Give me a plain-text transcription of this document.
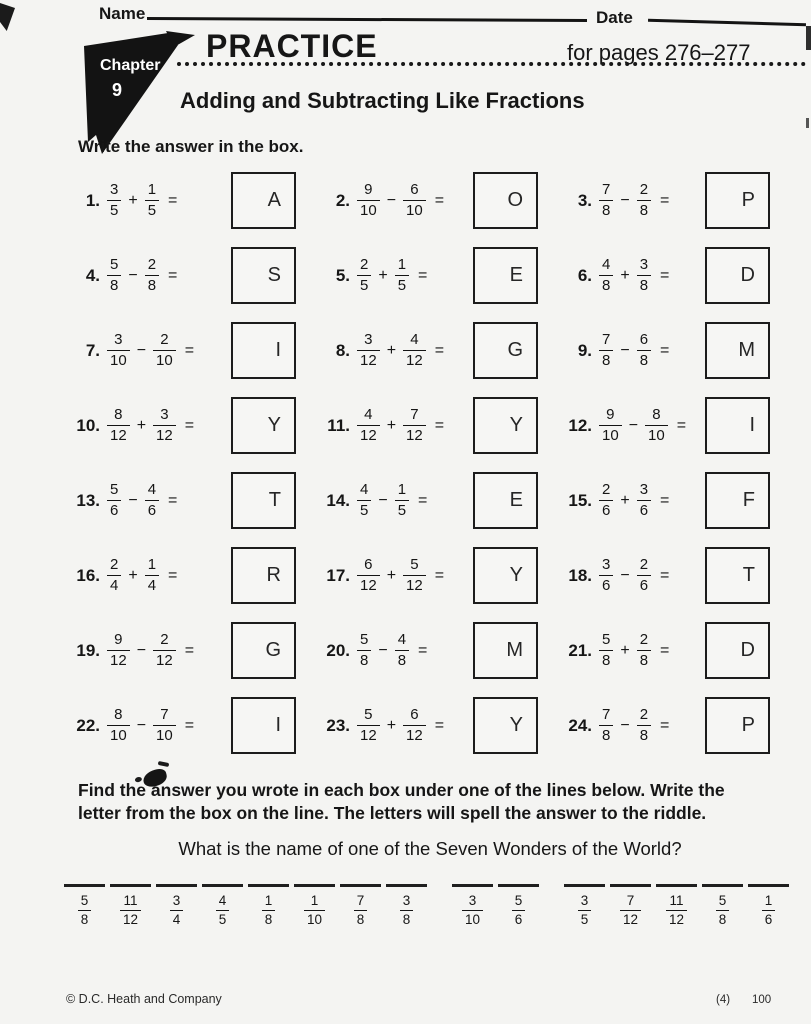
Name	Date
Chapter
9
PRACTICE	for pages 276–277
Adding and Subtracting Like Fractions
Write the answer in the box.
1. $\frac{3}{5} + \frac{1}{5}$ =	A	2. $\frac{9}{10} - \frac{6}{10}$ =	O	3. $\frac{7}{8} - \frac{2}{8}$ =	P
4. $\frac{5}{8} - \frac{2}{8}$ =	S	5. $\frac{2}{5} + \frac{1}{5}$ =	E	6. $\frac{4}{8} + \frac{3}{8}$ =	D
7. $\frac{3}{10} - \frac{2}{10}$ =	I	8. $\frac{3}{12} + \frac{4}{12}$ =	G	9. $\frac{7}{8} - \frac{6}{8}$ =	M
10. $\frac{8}{12} + \frac{3}{12}$ =	Y	11. $\frac{4}{12} + \frac{7}{12}$ =	Y	12. $\frac{9}{10} - \frac{8}{10}$ =	I
13. $\frac{5}{6} - \frac{4}{6}$ =	T	14. $\frac{4}{5} - \frac{1}{5}$ =	E	15. $\frac{2}{6} + \frac{3}{6}$ =	F
16. $\frac{2}{4} + \frac{1}{4}$ =	R	17. $\frac{6}{12} + \frac{5}{12}$ =	Y	18. $\frac{3}{6} - \frac{2}{6}$ =	T
19. $\frac{9}{12} - \frac{2}{12}$ =	G	20. $\frac{5}{8} - \frac{4}{8}$ =	M	21. $\frac{5}{8} + \frac{2}{8}$ =	D
22. $\frac{8}{10} - \frac{7}{10}$ =	I	23. $\frac{5}{12} + \frac{6}{12}$ =	Y	24. $\frac{7}{8} - \frac{2}{8}$ =	P
Find the answer you wrote in each box under one of the lines below. Write the letter from the box on the line. The letters will spell the answer to the riddle.
What is the name of one of the Seven Wonders of the World?
$\frac{5}{8} \frac{11}{12} \frac{3}{4} \frac{4}{5} \frac{1}{8} \frac{1}{10} \frac{7}{8} \frac{3}{8}$	$\frac{3}{10} \frac{5}{6}$	$\frac{3}{5} \frac{7}{12} \frac{11}{12} \frac{5}{8} \frac{1}{6}$
© D.C. Heath and Company	(4) 100
